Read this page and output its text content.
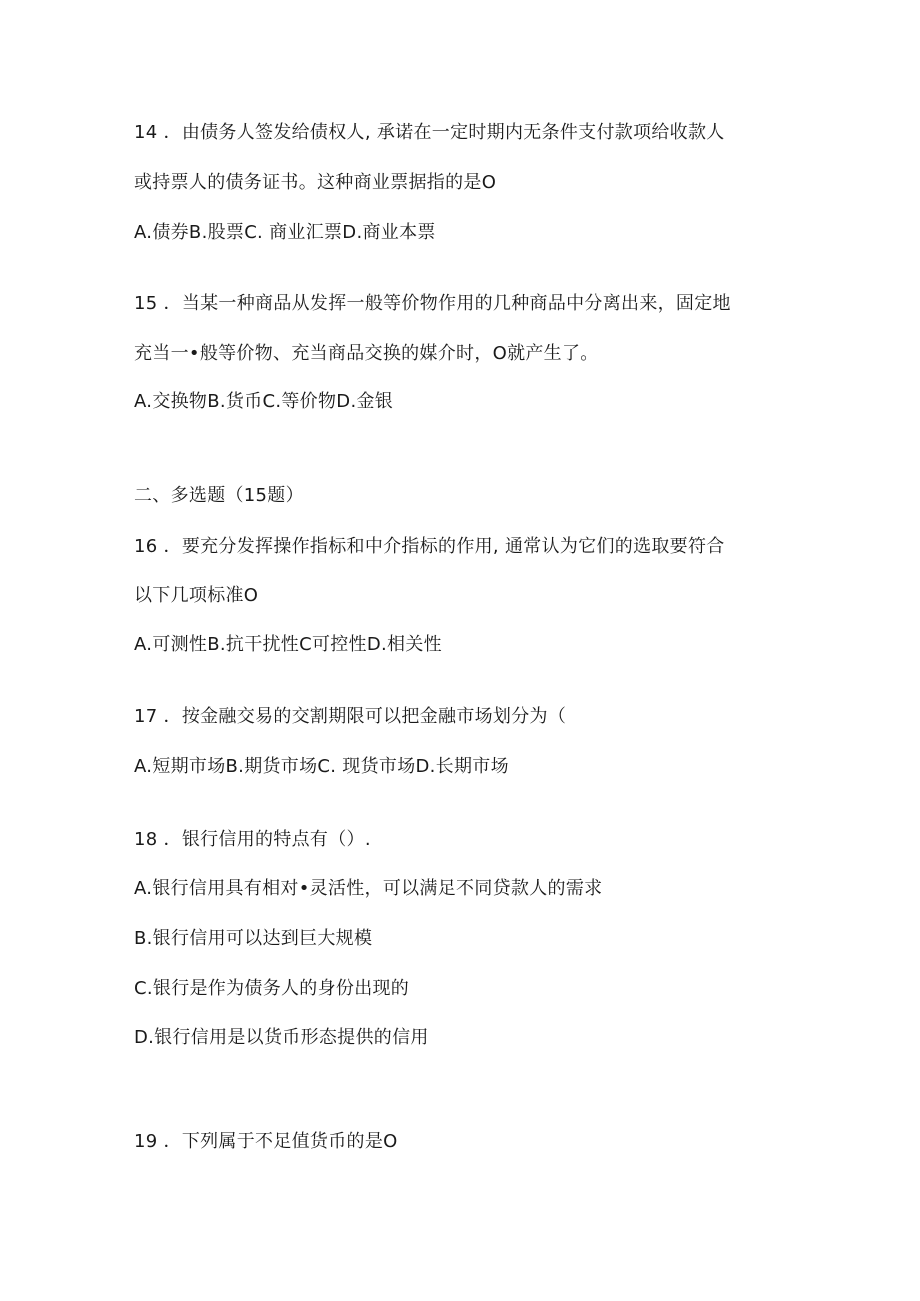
14 ．由债务人签发给债权人, 承诺在一定时期内无条件支付款项给收款人
或持票人的债务证书。这种商业票据指的是O
A.债券B.股票C. 商业汇票D.商业本票
15 ．当某一种商品从发挥一般等价物作用的几种商品中分离出来，固定地
充当一•般等价物、充当商品交换的媒介时，O就产生了。
A.交换物B.货币C.等价物D.金银
二、多选题（15题）
16 ．要充分发挥操作指标和中介指标的作用, 通常认为它们的选取要符合
以下几项标准O
A.可测性B.抗干扰性C可控性D.相关性
17 ．按金融交易的交割期限可以把金融市场划分为（
A.短期市场B.期货市场C. 现货市场D.长期市场
18 ．银行信用的特点有（）.
A.银行信用具有相对•灵活性，可以满足不同贷款人的需求
B.银行信用可以达到巨大规模
C.银行是作为债务人的身份出现的
D.银行信用是以货币形态提供的信用
19 ．下列属于不足值货币的是O
